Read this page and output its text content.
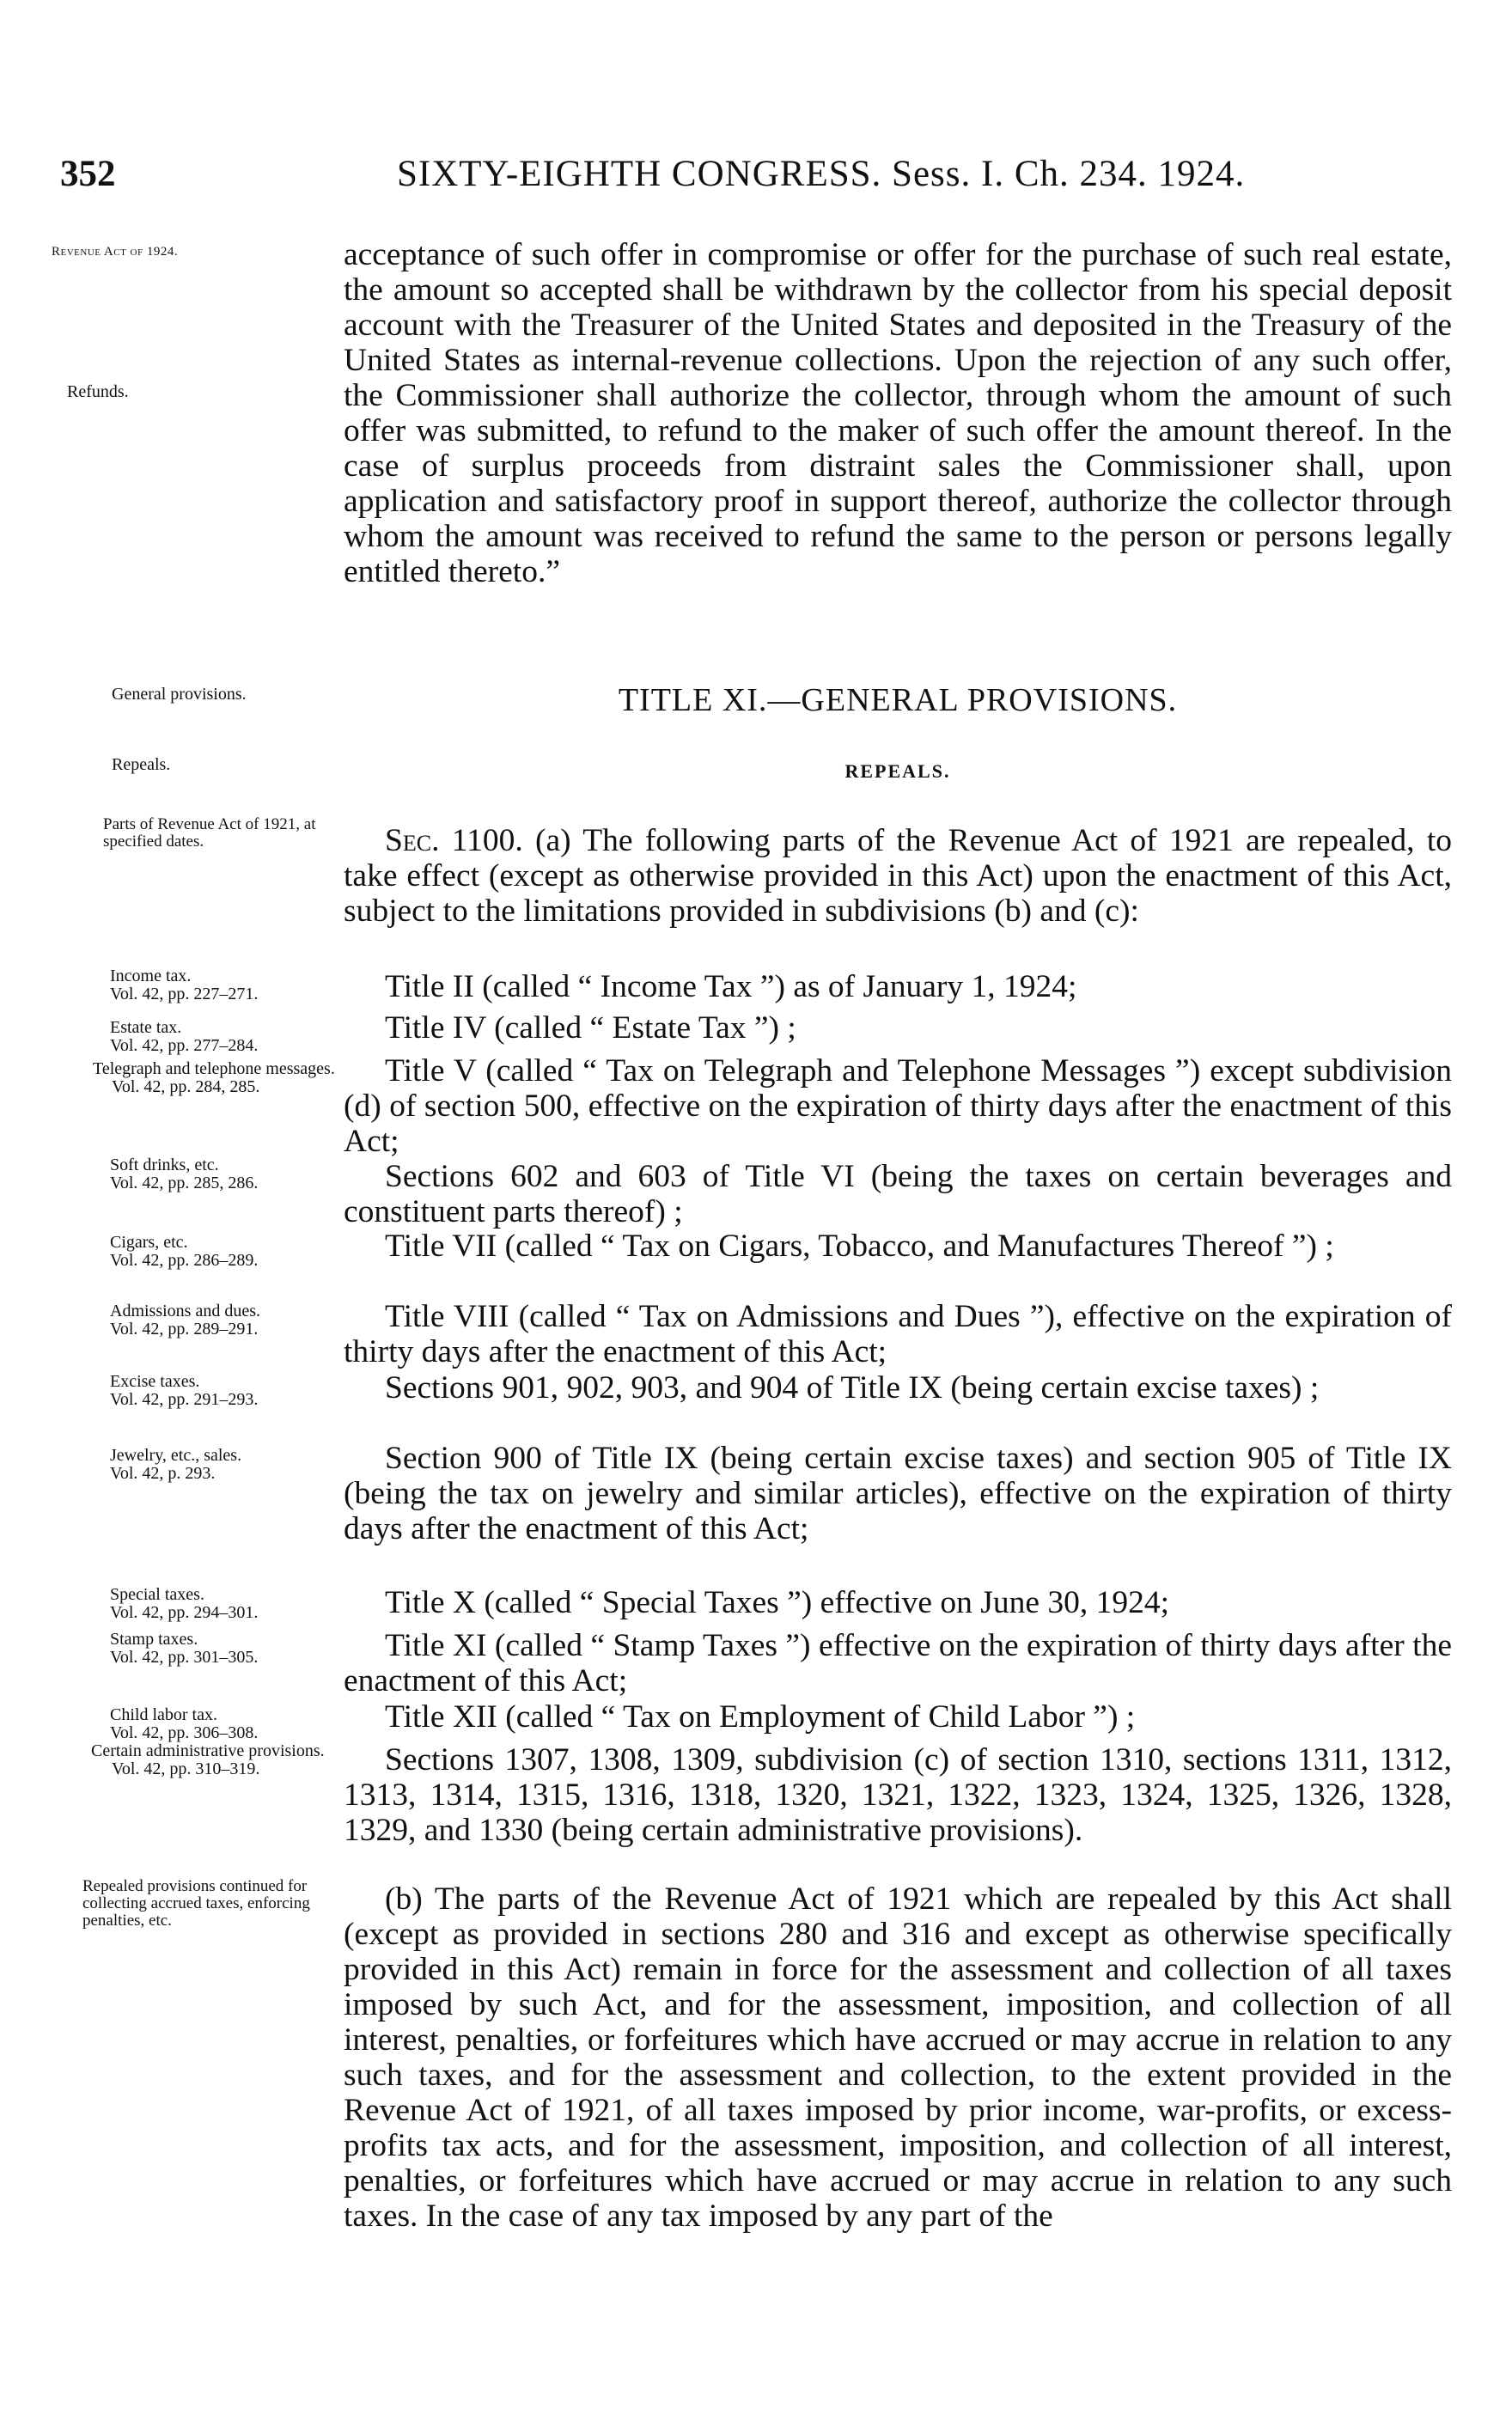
352	SIXTY-EIGHTH CONGRESS. Sess. I. Ch. 234. 1924.
Revenue Act of 1924.
Refunds.
General provisions.
Repeals.
Parts of Revenue Act of 1921, at specified dates.
Income tax.
Vol. 42, pp. 227–271.
Estate tax.
Vol. 42, pp. 277–284.
Telegraph and telephone messages.
Vol. 42, pp. 284, 285.
Soft drinks, etc.
Vol. 42, pp. 285, 286.
Cigars, etc.
Vol. 42, pp. 286–289.
Admissions and dues.
Vol. 42, pp. 289–291.
Excise taxes.
Vol. 42, pp. 291–293.
Jewelry, etc., sales.
Vol. 42, p. 293.
Special taxes.
Vol. 42, pp. 294–301.
Stamp taxes.
Vol. 42, pp. 301–305.
Child labor tax.
Vol. 42, pp. 306–308.
Certain administrative provisions.
Vol. 42, pp. 310–319.
Repealed provisions continued for collecting accrued taxes, enforcing penalties, etc.
acceptance of such offer in compromise or offer for the purchase of such real estate, the amount so accepted shall be withdrawn by the collector from his special deposit account with the Treasurer of the United States and deposited in the Treasury of the United States as internal-revenue collections. Upon the rejection of any such offer, the Commissioner shall authorize the collector, through whom the amount of such offer was submitted, to refund to the maker of such offer the amount thereof. In the case of surplus proceeds from distraint sales the Commissioner shall, upon application and satisfactory proof in support thereof, authorize the collector through whom the amount was received to refund the same to the person or persons legally entitled thereto.”
TITLE XI.—GENERAL PROVISIONS.
REPEALS.
Sec. 1100. (a) The following parts of the Revenue Act of 1921 are repealed, to take effect (except as otherwise provided in this Act) upon the enactment of this Act, subject to the limitations provided in subdivisions (b) and (c):
Title II (called “ Income Tax ”) as of January 1, 1924;
Title IV (called “ Estate Tax ”) ;
Title V (called “ Tax on Telegraph and Telephone Messages ”) except subdivision (d) of section 500, effective on the expiration of thirty days after the enactment of this Act;
Sections 602 and 603 of Title VI (being the taxes on certain beverages and constituent parts thereof) ;
Title VII (called “ Tax on Cigars, Tobacco, and Manufactures Thereof ”) ;
Title VIII (called “ Tax on Admissions and Dues ”), effective on the expiration of thirty days after the enactment of this Act;
Sections 901, 902, 903, and 904 of Title IX (being certain excise taxes) ;
Section 900 of Title IX (being certain excise taxes) and section 905 of Title IX (being the tax on jewelry and similar articles), effective on the expiration of thirty days after the enactment of this Act;
Title X (called “ Special Taxes ”) effective on June 30, 1924;
Title XI (called “ Stamp Taxes ”) effective on the expiration of thirty days after the enactment of this Act;
Title XII (called “ Tax on Employment of Child Labor ”) ;
Sections 1307, 1308, 1309, subdivision (c) of section 1310, sections 1311, 1312, 1313, 1314, 1315, 1316, 1318, 1320, 1321, 1322, 1323, 1324, 1325, 1326, 1328, 1329, and 1330 (being certain administrative provisions).
(b) The parts of the Revenue Act of 1921 which are repealed by this Act shall (except as provided in sections 280 and 316 and except as otherwise specifically provided in this Act) remain in force for the assessment and collection of all taxes imposed by such Act, and for the assessment, imposition, and collection of all interest, penalties, or forfeitures which have accrued or may accrue in relation to any such taxes, and for the assessment and collection, to the extent provided in the Revenue Act of 1921, of all taxes imposed by prior income, war-profits, or excess-profits tax acts, and for the assessment, imposition, and collection of all interest, penalties, or forfeitures which have accrued or may accrue in relation to any such taxes. In the case of any tax imposed by any part of the
